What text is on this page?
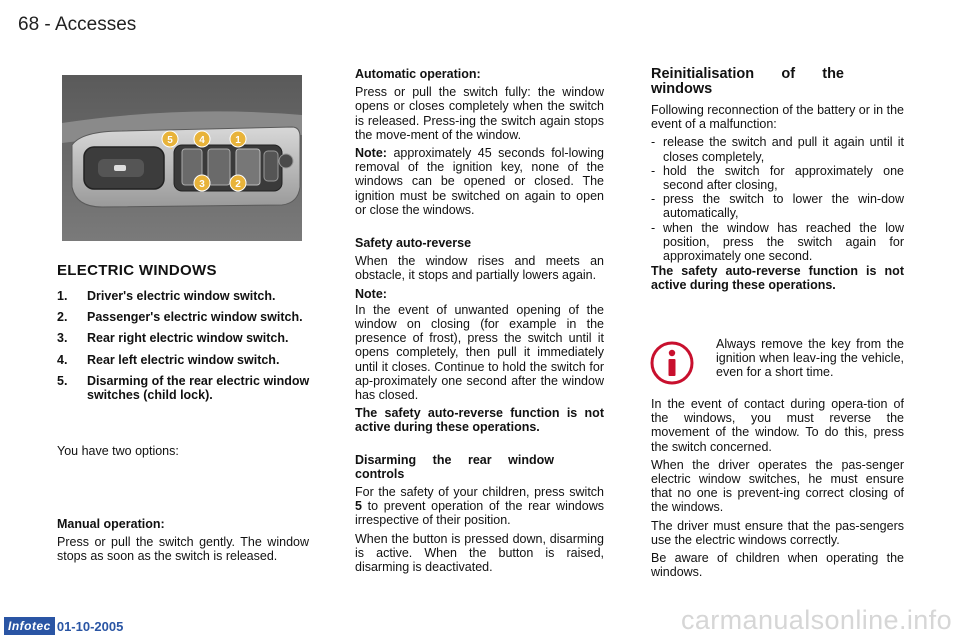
68 - Accesses
5	4	1
3	2
ELECTRIC WINDOWS
1.	Driver's electric window switch.
2.	Passenger's electric window switch.
3.	Rear right electric window switch.
4.	Rear left electric window switch.
5.	Disarming of the rear electric window switches (child lock).
You have two options:

Manual operation:

Press or pull the switch gently. The window stops as soon as the switch is released.

Automatic operation:

Press or pull the switch fully: the window opens or closes completely when the switch is released. Press-ing the switch again stops the move-ment of the window.

Note: approximately 45 seconds fol-lowing removal of the ignition key, none of the windows can be opened or closed. The ignition must be switched on again to open or close the windows.

Safety auto-reverse

When the window rises and meets an obstacle, it stops and partially lowers again.

Note:

In the event of unwanted opening of the window on closing (for example in the presence of frost), press the switch until it opens completely, then pull it immediately until it closes. Continue to hold the switch for ap-proximately one second after the window has closed.

The safety auto-reverse function is not active during these operations.

Disarming the rear window controls

For the safety of your children, press switch 5 to prevent operation of the rear windows irrespective of their position.

When the button is pressed down, disarming is active. When the button is raised, disarming is deactivated.

Reinitialisation of the windows

Following reconnection of the battery or in the event of a malfunction:

- release the switch and pull it again until it closes completely,
- hold the switch for approximately one second after closing,
- press the switch to lower the win-dow automatically,
- when the window has reached the low position, press the switch again for approximately one second.

The safety auto-reverse function is not active during these operations.

Always remove the key from the ignition when leav-ing the vehicle, even for a short time.

In the event of contact during opera-tion of the windows, you must reverse the movement of the window. To do this, press the switch concerned.

When the driver operates the pas-senger electric window switches, he must ensure that no one is prevent-ing correct closing of the windows.

The driver must ensure that the pas-sengers use the electric windows correctly.

Be aware of children when operating the windows.

Infotec 01-10-2005	carmanualsonline.info
